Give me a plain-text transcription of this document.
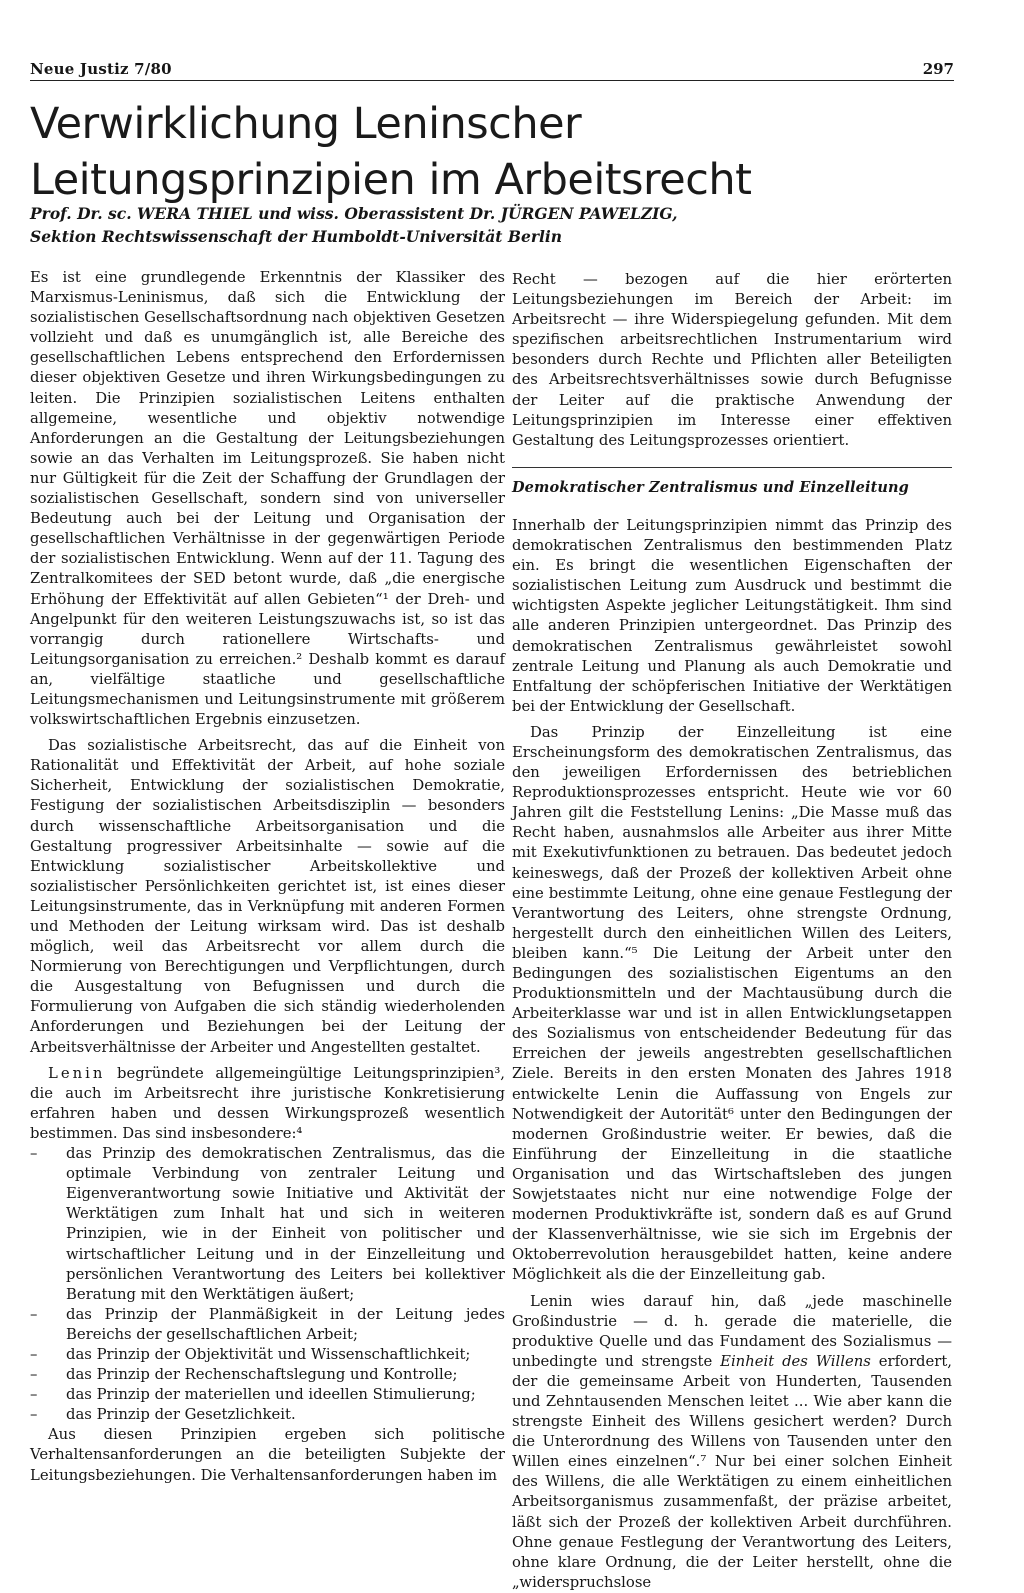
Neue Justiz 7/80	297
Verwirklichung Leninscher Leitungsprinzipien im Arbeitsrecht
Prof. Dr. sc. WERA THIEL und wiss. Oberassistent Dr. JÜRGEN PAWELZIG,
Sektion Rechtswissenschaft der Humboldt-Universität Berlin

Es ist eine grundlegende Erkenntnis der Klassiker des Marxismus-Leninismus, daß sich die Entwicklung der sozialistischen Gesellschaftsordnung nach objektiven Gesetzen vollzieht und daß es unumgänglich ist, alle Bereiche des gesellschaftlichen Lebens entsprechend den Erfordernissen dieser objektiven Gesetze und ihren Wirkungsbedingungen zu leiten. Die Prinzipien sozialistischen Leitens enthalten allgemeine, wesentliche und objektiv notwendige Anforderungen an die Gestaltung der Leitungsbeziehungen sowie an das Verhalten im Leitungsprozeß. Sie haben nicht nur Gültigkeit für die Zeit der Schaffung der Grundlagen der sozialistischen Gesellschaft, sondern sind von universeller Bedeutung auch bei der Leitung und Organisation der gesellschaftlichen Verhältnisse in der gegenwärtigen Periode der sozialistischen Entwicklung. Wenn auf der 11. Tagung des Zentralkomitees der SED betont wurde, daß „die energische Erhöhung der Effektivität auf allen Gebieten“¹ der Dreh- und Angelpunkt für den weiteren Leistungszuwachs ist, so ist das vorrangig durch rationellere Wirtschafts- und Leitungsorganisation zu erreichen.² Deshalb kommt es darauf an, vielfältige staatliche und gesellschaftliche Leitungsmechanismen und Leitungsinstrumente mit größerem volkswirtschaftlichen Ergebnis einzusetzen.

Das sozialistische Arbeitsrecht, das auf die Einheit von Rationalität und Effektivität der Arbeit, auf hohe soziale Sicherheit, Entwicklung der sozialistischen Demokratie, Festigung der sozialistischen Arbeitsdisziplin — besonders durch wissenschaftliche Arbeitsorganisation und die Gestaltung progressiver Arbeitsinhalte — sowie auf die Entwicklung sozialistischer Arbeitskollektive und sozialistischer Persönlichkeiten gerichtet ist, ist eines dieser Leitungsinstrumente, das in Verknüpfung mit anderen Formen und Methoden der Leitung wirksam wird. Das ist deshalb möglich, weil das Arbeitsrecht vor allem durch die Normierung von Berechtigungen und Verpflichtungen, durch die Ausgestaltung von Befugnissen und durch die Formulierung von Aufgaben die sich ständig wiederholenden Anforderungen und Beziehungen bei der Leitung der Arbeitsverhältnisse der Arbeiter und Angestellten gestaltet.

Lenin begründete allgemeingültige Leitungsprinzipien³, die auch im Arbeitsrecht ihre juristische Konkretisierung erfahren haben und dessen Wirkungsprozeß wesentlich bestimmen. Das sind insbesondere:⁴

– das Prinzip des demokratischen Zentralismus, das die optimale Verbindung von zentraler Leitung und Eigenverantwortung sowie Initiative und Aktivität der Werktätigen zum Inhalt hat und sich in weiteren Prinzipien, wie in der Einheit von politischer und wirtschaftlicher Leitung und in der Einzelleitung und persönlichen Verantwortung des Leiters bei kollektiver Beratung mit den Werktätigen äußert;
– das Prinzip der Planmäßigkeit in der Leitung jedes Bereichs der gesellschaftlichen Arbeit;
– das Prinzip der Objektivität und Wissenschaftlichkeit;
– das Prinzip der Rechenschaftslegung und Kontrolle;
– das Prinzip der materiellen und ideellen Stimulierung;
– das Prinzip der Gesetzlichkeit.

Aus diesen Prinzipien ergeben sich politische Verhaltensanforderungen an die beteiligten Subjekte der Leitungsbeziehungen. Die Verhaltensanforderungen haben im

Recht — bezogen auf die hier erörterten Leitungsbeziehungen im Bereich der Arbeit: im Arbeitsrecht — ihre Widerspiegelung gefunden. Mit dem spezifischen arbeitsrechtlichen Instrumentarium wird besonders durch Rechte und Pflichten aller Beteiligten des Arbeitsrechtsverhältnisses sowie durch Befugnisse der Leiter auf die praktische Anwendung der Leitungsprinzipien im Interesse einer effektiven Gestaltung des Leitungsprozesses orientiert.

Demokratischer Zentralismus und Einzelleitung

Innerhalb der Leitungsprinzipien nimmt das Prinzip des demokratischen Zentralismus den bestimmenden Platz ein. Es bringt die wesentlichen Eigenschaften der sozialistischen Leitung zum Ausdruck und bestimmt die wichtigsten Aspekte jeglicher Leitungstätigkeit. Ihm sind alle anderen Prinzipien untergeordnet. Das Prinzip des demokratischen Zentralismus gewährleistet sowohl zentrale Leitung und Planung als auch Demokratie und Entfaltung der schöpferischen Initiative der Werktätigen bei der Entwicklung der Gesellschaft.

Das Prinzip der Einzelleitung ist eine Erscheinungsform des demokratischen Zentralismus, das den jeweiligen Erfordernissen des betrieblichen Reproduktionsprozesses entspricht. Heute wie vor 60 Jahren gilt die Feststellung Lenins: „Die Masse muß das Recht haben, ausnahmslos alle Arbeiter aus ihrer Mitte mit Exekutivfunktionen zu betrauen. Das bedeutet jedoch keineswegs, daß der Prozeß der kollektiven Arbeit ohne eine bestimmte Leitung, ohne eine genaue Festlegung der Verantwortung des Leiters, ohne strengste Ordnung, hergestellt durch den einheitlichen Willen des Leiters, bleiben kann.“⁵ Die Leitung der Arbeit unter den Bedingungen des sozialistischen Eigentums an den Produktionsmitteln und der Machtausübung durch die Arbeiterklasse war und ist in allen Entwicklungsetappen des Sozialismus von entscheidender Bedeutung für das Erreichen der jeweils angestrebten gesellschaftlichen Ziele. Bereits in den ersten Monaten des Jahres 1918 entwickelte Lenin die Auffassung von Engels zur Notwendigkeit der Autorität⁶ unter den Bedingungen der modernen Großindustrie weiter. Er bewies, daß die Einführung der Einzelleitung in die staatliche Organisation und das Wirtschaftsleben des jungen Sowjetstaates nicht nur eine notwendige Folge der modernen Produktivkräfte ist, sondern daß es auf Grund der Klassenverhältnisse, wie sie sich im Ergebnis der Oktoberrevolution herausgebildet hatten, keine andere Möglichkeit als die der Einzelleitung gab.

Lenin wies darauf hin, daß „jede maschinelle Großindustrie — d. h. gerade die materielle, die produktive Quelle und das Fundament des Sozialismus — unbedingte und strengste Einheit des Willens erfordert, der die gemeinsame Arbeit von Hunderten, Tausenden und Zehntausenden Menschen leitet ... Wie aber kann die strengste Einheit des Willens gesichert werden? Durch die Unterordnung des Willens von Tausenden unter den Willen eines einzelnen“.⁷ Nur bei einer solchen Einheit des Willens, die alle Werktätigen zu einem einheitlichen Arbeitsorganismus zusammenfaßt, der präzise arbeitet, läßt sich der Prozeß der kollektiven Arbeit durchführen. Ohne genaue Festlegung der Verantwortung des Leiters, ohne klare Ordnung, die der Leiter herstellt, ohne die „widerspruchslose
